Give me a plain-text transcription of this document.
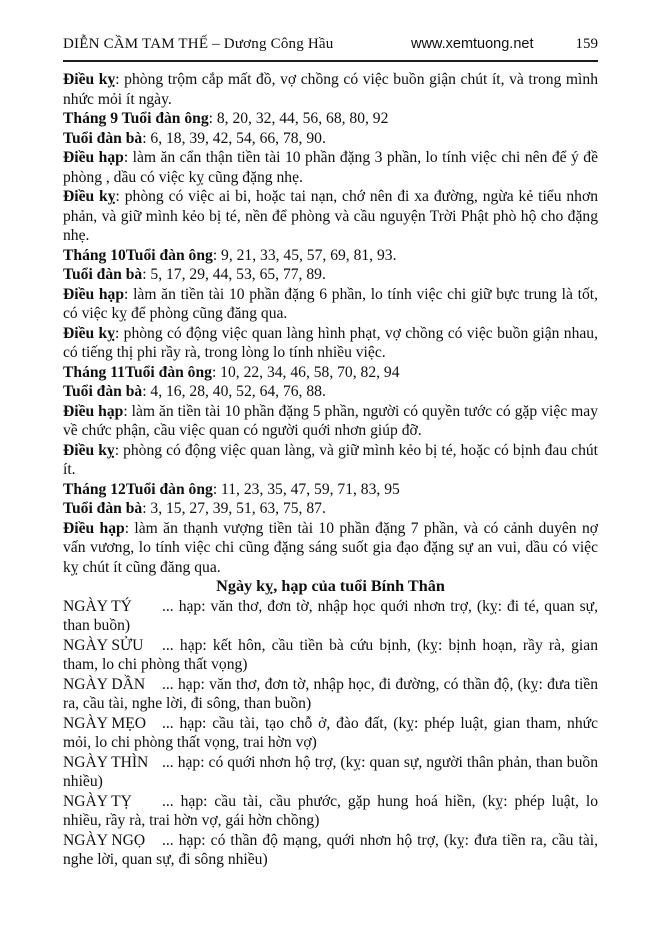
DIỄN CẦM TAM THẾ – Dương Công Hầu	www.xemtuong.net	159

Điều kỵ: phòng trộm cắp mất đồ, vợ chồng có việc buồn giận chút ít, và trong mình nhức mỏi ít ngày.

Tháng 9 Tuổi đàn ông: 8, 20, 32, 44, 56, 68, 80, 92

Tuổi đàn bà: 6, 18, 39, 42, 54, 66, 78, 90.

Điều hạp: làm ăn cẩn thận tiền tài 10 phần đặng 3 phần, lo tính việc chi nên để ý đề phòng , dầu có việc kỵ cũng đặng nhẹ.

Điều kỵ: phòng có việc ai bi, hoặc tai nạn, chớ nên đi xa đường, ngừa kẻ tiểu nhơn phản, và giữ mình kẻo bị té, nền để phòng và cầu nguyện Trời Phật phò hộ cho đặng nhẹ.

Tháng 10Tuổi đàn ông: 9, 21, 33, 45, 57, 69, 81, 93.

Tuổi đàn bà: 5, 17, 29, 44, 53, 65, 77, 89.

Điều hạp: làm ăn tiền tài 10 phần đặng 6 phần, lo tính việc chi giữ bực trung là tốt, có việc kỵ để phòng cũng đăng qua.

Điều kỵ: phòng có động việc quan làng hình phạt, vợ chồng có việc buồn giận nhau, có tiếng thị phi rầy rà, trong lòng lo tính nhiều việc.

Tháng 11Tuổi đàn ông: 10, 22, 34, 46, 58, 70, 82, 94

Tuổi đàn bà: 4, 16, 28, 40, 52, 64, 76, 88.

Điều hạp: làm ăn tiền tài 10 phần đặng 5 phần, người có quyền tước có gặp việc may về chức phận, cầu việc quan có người quới nhơn giúp đỡ.

Điều kỵ: phòng có động việc quan làng, và giữ mình kẻo bị té, hoặc có bịnh đau chút ít.

Tháng 12Tuổi đàn ông: 11, 23, 35, 47, 59, 71, 83, 95

Tuổi đàn bà: 3, 15, 27, 39, 51, 63, 75, 87.

Điều hạp: làm ăn thạnh vượng tiền tài 10 phần đặng 7 phần, và có cảnh duyên nợ vấn vương, lo tính việc chi cũng đặng sáng suốt gia đạo đặng sự an vui, dầu có việc kỵ chút ít cũng đăng qua.

Ngày kỵ, hạp của tuổi Bính Thân

NGÀY TÝ ... hạp: văn thơ, đơn tờ, nhập học quới nhơn trợ, (kỵ: đi té, quan sự, than buồn)

NGÀY SỬU ... hạp: kết hôn, cầu tiền bà cứu bịnh, (kỵ: bịnh hoạn, rầy rà, gian tham, lo chi phòng thất vọng)

NGÀY DẦN ... hạp: văn thơ, đơn tờ, nhập học, đi đường, có thần độ, (kỵ: đưa tiền ra, cầu tài, nghe lời, đi sông, than buồn)

NGÀY MẸO ... hạp: cầu tài, tạo chỗ ở, đào đất, (kỵ: phép luật, gian tham, nhức mỏi, lo chi phòng thất vọng, trai hờn vợ)

NGÀY THÌN ... hạp: có quới nhơn hộ trợ, (kỵ: quan sự, người thân phản, than buồn nhiều)

NGÀY TỴ ... hạp: cầu tài, cầu phước, gặp hung hoá hiền, (kỵ: phép luật, lo nhiều, rầy rà, trai hờn vợ, gái hờn chồng)

NGÀY NGỌ ... hạp: có thần độ mạng, quới nhơn hộ trợ, (kỵ: đưa tiền ra, cầu tài, nghe lời, quan sự, đi sông nhiều)
